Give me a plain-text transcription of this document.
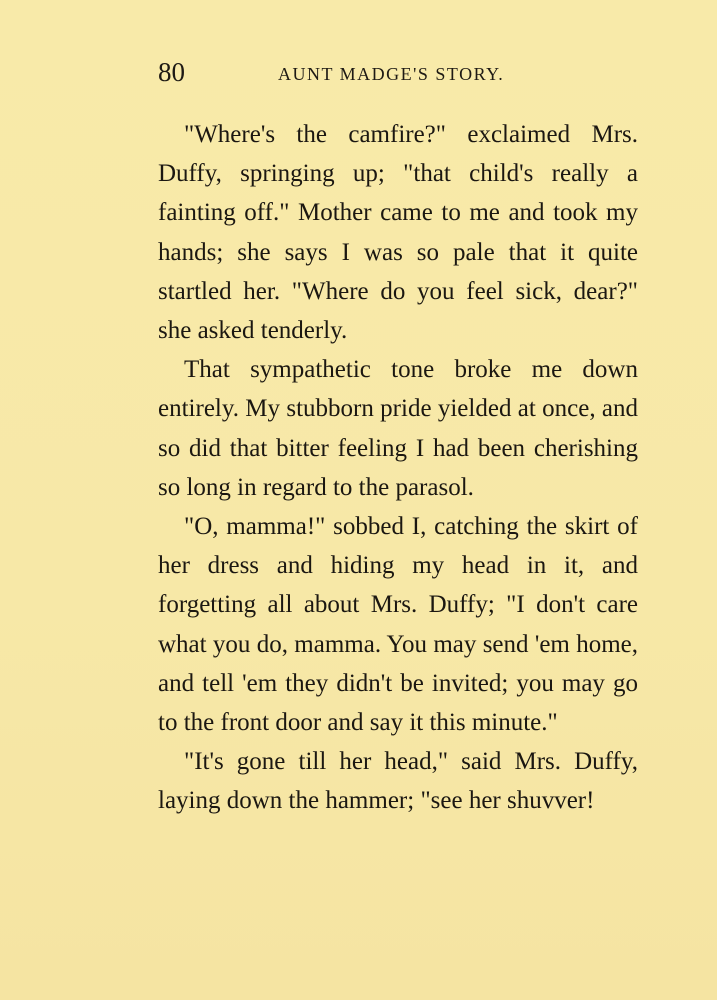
80	AUNT MADGE'S STORY.

"Where's the camfire?" exclaimed Mrs. Duffy, springing up; "that child's really a fainting off." Mother came to me and took my hands; she says I was so pale that it quite startled her. "Where do you feel sick, dear?" she asked tenderly.

That sympathetic tone broke me down entirely. My stubborn pride yielded at once, and so did that bitter feeling I had been cherishing so long in regard to the parasol.

"O, mamma!" sobbed I, catching the skirt of her dress and hiding my head in it, and forgetting all about Mrs. Duffy; "I don't care what you do, mamma. You may send 'em home, and tell 'em they didn't be invited; you may go to the front door and say it this minute."

"It's gone till her head," said Mrs. Duffy, laying down the hammer; "see her shuvver!
